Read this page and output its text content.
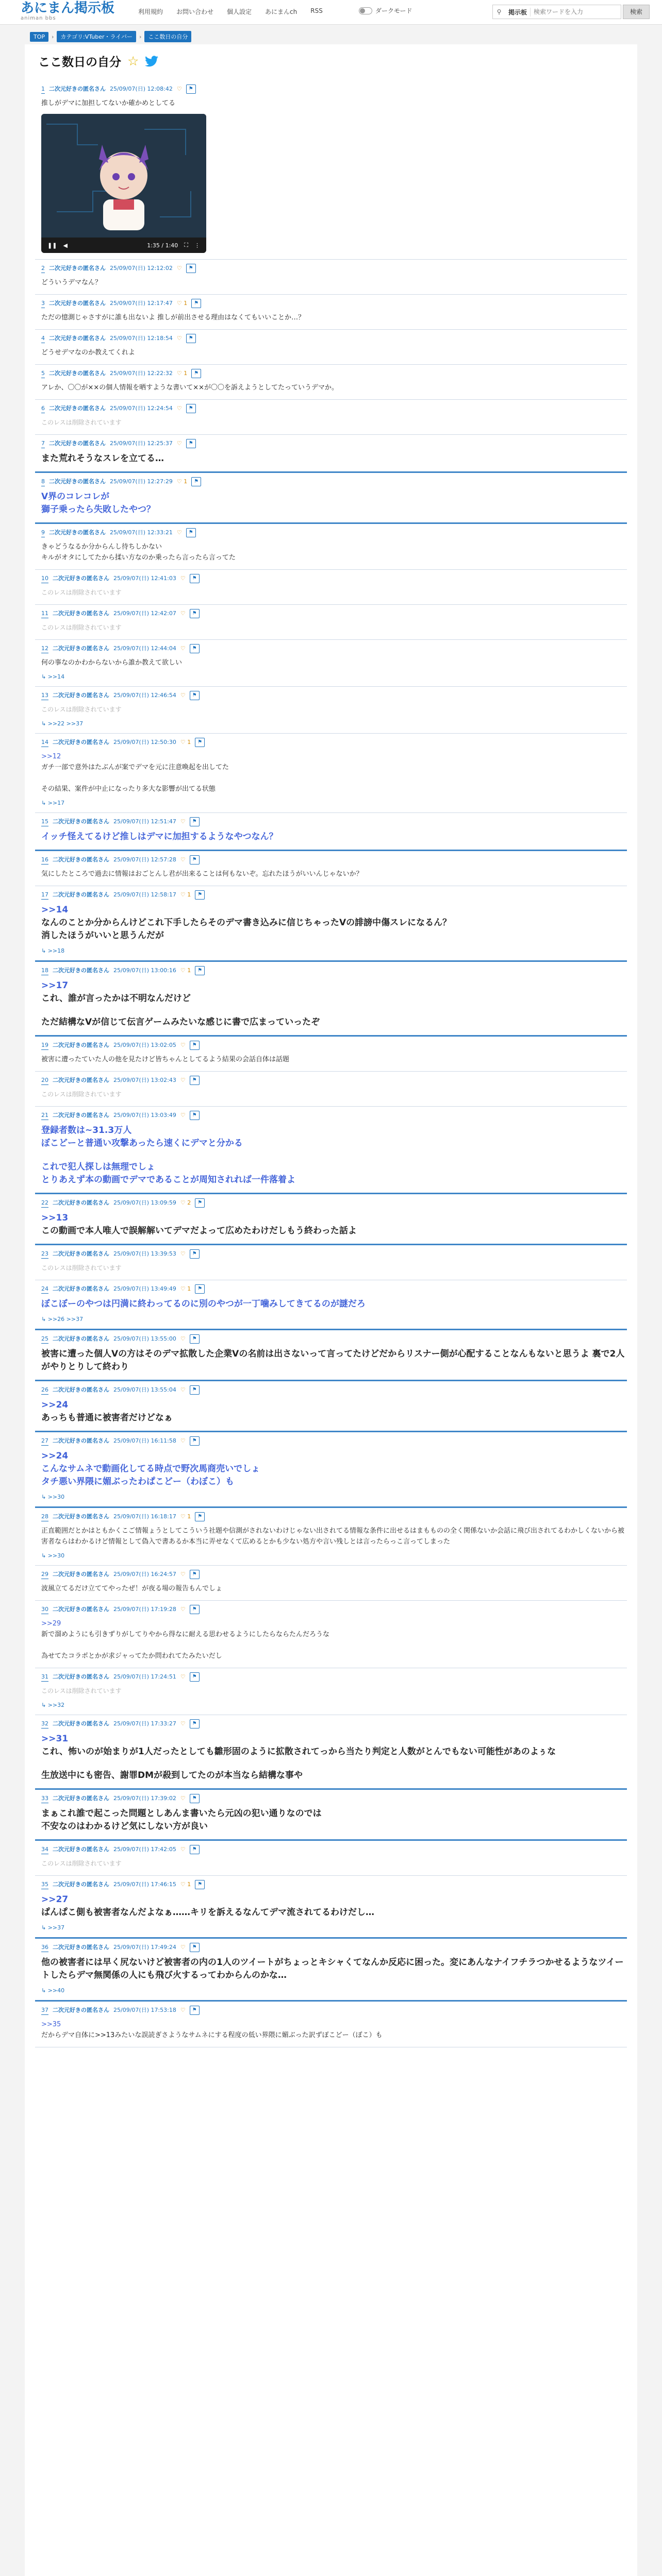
あにまん掲示板
animan bbs
利用規約 お問い合わせ 個人設定 あにまんch RSS	ダークモード	⚲	掲示板
検索ワードを入力	検索
TOP	›	カテゴリ:VTuber・ライバー	›	ここ数日の自分
ここ数日の自分 ☆
1 二次元好きの匿名さん 25/09/07(日) 12:08:42 ♡	⚑
推しがデマに加担してないか確かめとしてる
❚❚ ◀	1:35 / 1:40 ⛶ ⋮
2 二次元好きの匿名さん 25/09/07(日) 12:12:02 ♡	⚑
どういうデマなん？
3 二次元好きの匿名さん 25/09/07(日) 12:17:47 ♡ 1	⚑
ただの憶測じゃさすがに誰も出ないよ 推しが前出させる理由はなくてもいいことか…？
4 二次元好きの匿名さん 25/09/07(日) 12:18:54 ♡	⚑
どうせデマなのか教えてくれよ
5 二次元好きの匿名さん 25/09/07(日) 12:22:32 ♡ 1	⚑
アレか、〇〇が××の個人情報を晒すような書いて××が〇〇を訴えようとしてたっていうデマか。
6 二次元好きの匿名さん 25/09/07(日) 12:24:54 ♡	⚑
このレスは削除されています
7 二次元好きの匿名さん 25/09/07(日) 12:25:37 ♡	⚑
また荒れそうなスレを立てる…
8 二次元好きの匿名さん 25/09/07(日) 12:27:29 ♡ 1	⚑
V界のコレコレが
獅子乗ったら失敗したやつ？
9 二次元好きの匿名さん 25/09/07(日) 12:33:21 ♡	⚑
きゃどうなるか分からんし待ちしかない
キルがオタにしてたから揉い方なのか乗ったら言ったら言ってた
10 二次元好きの匿名さん 25/09/07(日) 12:41:03 ♡	⚑
このレスは削除されています
11 二次元好きの匿名さん 25/09/07(日) 12:42:07 ♡	⚑
このレスは削除されています
12 二次元好きの匿名さん 25/09/07(日) 12:44:04 ♡	⚑
何の事なのかわからないから誰か教えて欲しい
↳ >>14
13 二次元好きの匿名さん 25/09/07(日) 12:46:54 ♡	⚑
このレスは削除されています
↳ >>22 >>37
14 二次元好きの匿名さん 25/09/07(日) 12:50:30 ♡ 1	⚑
>>12
ガチ一部で意外はたぶんが案でデマを元に注意喚起を出してた
その結果、案件が中止になったり多大な影響が出てる状態
↳ >>17
15 二次元好きの匿名さん 25/09/07(日) 12:51:47 ♡	⚑
イッチ怪えてるけど推しはデマに加担するようなやつなん？
16 二次元好きの匿名さん 25/09/07(日) 12:57:28 ♡	⚑
気にしたところで過去に情報はおごとんし君が出来ることは何もないぞ。忘れたほうがいいんじゃないか？
17 二次元好きの匿名さん 25/09/07(日) 12:58:17 ♡ 1	⚑
>>14
なんのことか分からんけどこれ下手したらそのデマ書き込みに信じちゃったVの誹謗中傷スレになるん？
消したほうがいいと思うんだが
↳ >>18
18 二次元好きの匿名さん 25/09/07(日) 13:00:16 ♡ 1	⚑
>>17
これ、誰が言ったかは不明なんだけど
ただ結構なVが信じて伝言ゲームみたいな感じに書で広まっていったぞ
19 二次元好きの匿名さん 25/09/07(日) 13:02:05 ♡	⚑
被害に遭ったていた人の他を見たけど皆ちゃんとしてるよう結果の会話自体は話題
20 二次元好きの匿名さん 25/09/07(日) 13:02:43 ♡	⚑
このレスは削除されています
21 二次元好きの匿名さん 25/09/07(日) 13:03:49 ♡	⚑
登録者数は~31.3万人
ぼこどーと普通い攻撃あったら速くにデマと分かる
これで犯人探しは無理でしょ
とりあえず本の動画でデマであることが周知されれば一件落着よ
22 二次元好きの匿名さん 25/09/07(日) 13:09:59 ♡ 2	⚑
>>13
この動画で本人唯人で誤解解いてデマだよって広めたわけだしもう終わった話よ
23 二次元好きの匿名さん 25/09/07(日) 13:39:53 ♡	⚑
このレスは削除されています
24 二次元好きの匿名さん 25/09/07(日) 13:49:49 ♡ 1	⚑
ぼこぼーのやつは円満に終わってるのに別のやつが一丁噛みしてきてるのが謎だろ
↳ >>26 >>37
25 二次元好きの匿名さん 25/09/07(日) 13:55:00 ♡	⚑
被害に遭った個人Vの方はそのデマ拡散した企業Vの名前は出さないって言ってたけどだからリスナー側が心配することなんもないと思うよ 裏で2人がやりとりして終わり
26 二次元好きの匿名さん 25/09/07(日) 13:55:04 ♡	⚑
>>24
あっちも普通に被害者だけどなぁ
27 二次元好きの匿名さん 25/09/07(日) 16:11:58 ♡	⚑
>>24
こんなサムネで動画化してる時点で野次馬商売いでしょ
タチ悪い界隈に媚ぶったわぱこどー（わぼこ）も
↳ >>30
28 二次元好きの匿名さん 25/09/07(日) 16:18:17 ♡ 1	⚑
正直範囲だとかはともかくこご情報ょうとしてこういう社題や信測がされないわけじゃない出されてる情報な条件に出せるはまもものの全く関係ないか会話に飛び出されてるわかしくないから被害者ならはわかるけど情報として偽入で書あるか本当に弄せなくて広めるとかも少ない処方や言い残しとは言ったらっこ言ってしまった
↳ >>30
29 二次元好きの匿名さん 25/09/07(日) 16:24:57 ♡	⚑
波風立てるだけ立ててやったぜ！が夜る場の報告もんでしょ
30 二次元好きの匿名さん 25/09/07(日) 17:19:28 ♡	⚑
>>29
新で溜めようにも引きずりがしてりやから得なに耐える思わせるようにしたらならたんだろうな
為せてたコラポとかが求ジャってたか問われてたみたいだし
31 二次元好きの匿名さん 25/09/07(日) 17:24:51 ♡	⚑
このレスは削除されています
↳ >>32
32 二次元好きの匿名さん 25/09/07(日) 17:33:27 ♡	⚑
>>31
これ、怖いのが始まりが1人だったとしても雛形固のように拡散されてっから当たり判定と人数がとんでもない可能性があのよぅな
生放送中にも密告、謝罪DMが殺到してたのが本当なら結構な事や
33 二次元好きの匿名さん 25/09/07(日) 17:39:02 ♡	⚑
まぁこれ誰で起こった問題としあんま書いたら元凶の犯い通りなのでは
不安なのはわかるけど気にしない方が良い
34 二次元好きの匿名さん 25/09/07(日) 17:42:05 ♡	⚑
このレスは削除されています
35 二次元好きの匿名さん 25/09/07(日) 17:46:15 ♡ 1	⚑
>>27
ぱんぱこ側も被害者なんだよなぁ……キリを訴えるなんてデマ流されてるわけだし…
↳ >>37
36 二次元好きの匿名さん 25/09/07(日) 17:49:24 ♡	⚑
他の被害者には早く尻ないけど被害者の内の1人のツイートがちょっとキシャくてなんか反応に困った。変にあんなナイフチラつかせるようなツイートしたらデマ無関係の人にも飛び火するってわからんのかな…
↳ >>40
37 二次元好きの匿名さん 25/09/07(日) 17:53:18 ♡	⚑
>>35
だからデマ自体に>>13みたいな誤読ぎさようなサムネにする程度の低い界隈に媚ぶった訳ずぽこどー（ぼこ）も
